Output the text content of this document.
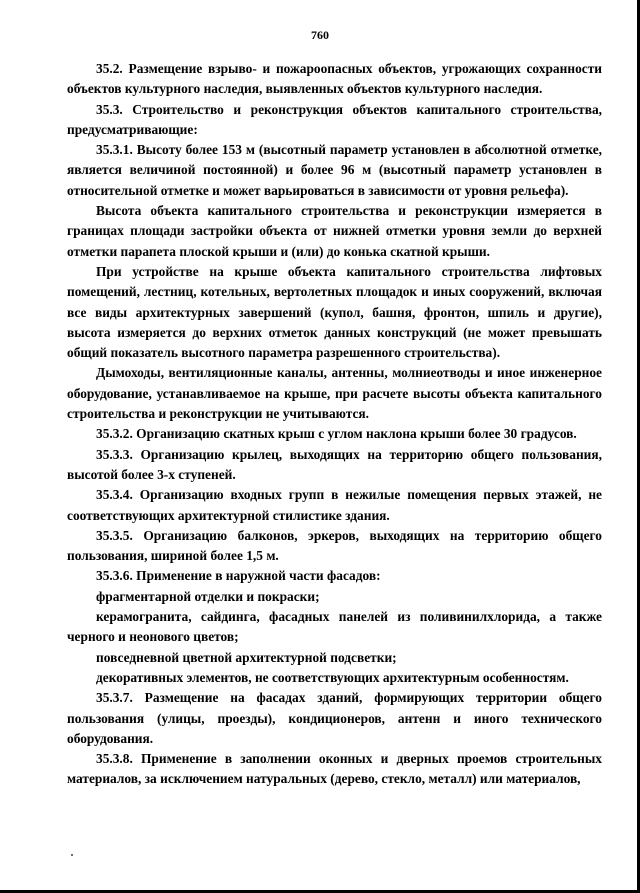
760

35.2. Размещение взрыво- и пожароопасных объектов, угрожающих сохранности объектов культурного наследия, выявленных объектов культурного наследия.

35.3. Строительство и реконструкция объектов капитального строительства, предусматривающие:

35.3.1. Высоту более 153 м (высотный параметр установлен в абсолютной отметке, является величиной постоянной) и более 96 м (высотный параметр установлен в относительной отметке и может варьироваться в зависимости от уровня рельефа).

Высота объекта капитального строительства и реконструкции измеряется в границах площади застройки объекта от нижней отметки уровня земли до верхней отметки парапета плоской крыши и (или) до конька скатной крыши.

При устройстве на крыше объекта капитального строительства лифтовых помещений, лестниц, котельных, вертолетных площадок и иных сооружений, включая все виды архитектурных завершений (купол, башня, фронтон, шпиль и другие), высота измеряется до верхних отметок данных конструкций (не может превышать общий показатель высотного параметра разрешенного строительства).

Дымоходы, вентиляционные каналы, антенны, молниеотводы и иное инженерное оборудование, устанавливаемое на крыше, при расчете высоты объекта капитального строительства и реконструкции не учитываются.

35.3.2. Организацию скатных крыш с углом наклона крыши более 30 градусов.

35.3.3. Организацию крылец, выходящих на территорию общего пользования, высотой более 3-х ступеней.

35.3.4. Организацию входных групп в нежилые помещения первых этажей, не соответствующих архитектурной стилистике здания.

35.3.5. Организацию балконов, эркеров, выходящих на территорию общего пользования, шириной более 1,5 м.

35.3.6. Применение в наружной части фасадов:

фрагментарной отделки и покраски;

керамогранита, сайдинга, фасадных панелей из поливинилхлорида, а также черного и неонового цветов;

повседневной цветной архитектурной подсветки;

декоративных элементов, не соответствующих архитектурным особенностям.

35.3.7. Размещение на фасадах зданий, формирующих территории общего пользования (улицы, проезды), кондиционеров, антенн и иного технического оборудования.

35.3.8. Применение в заполнении оконных и дверных проемов строительных материалов, за исключением натуральных (дерево, стекло, металл) или материалов,
